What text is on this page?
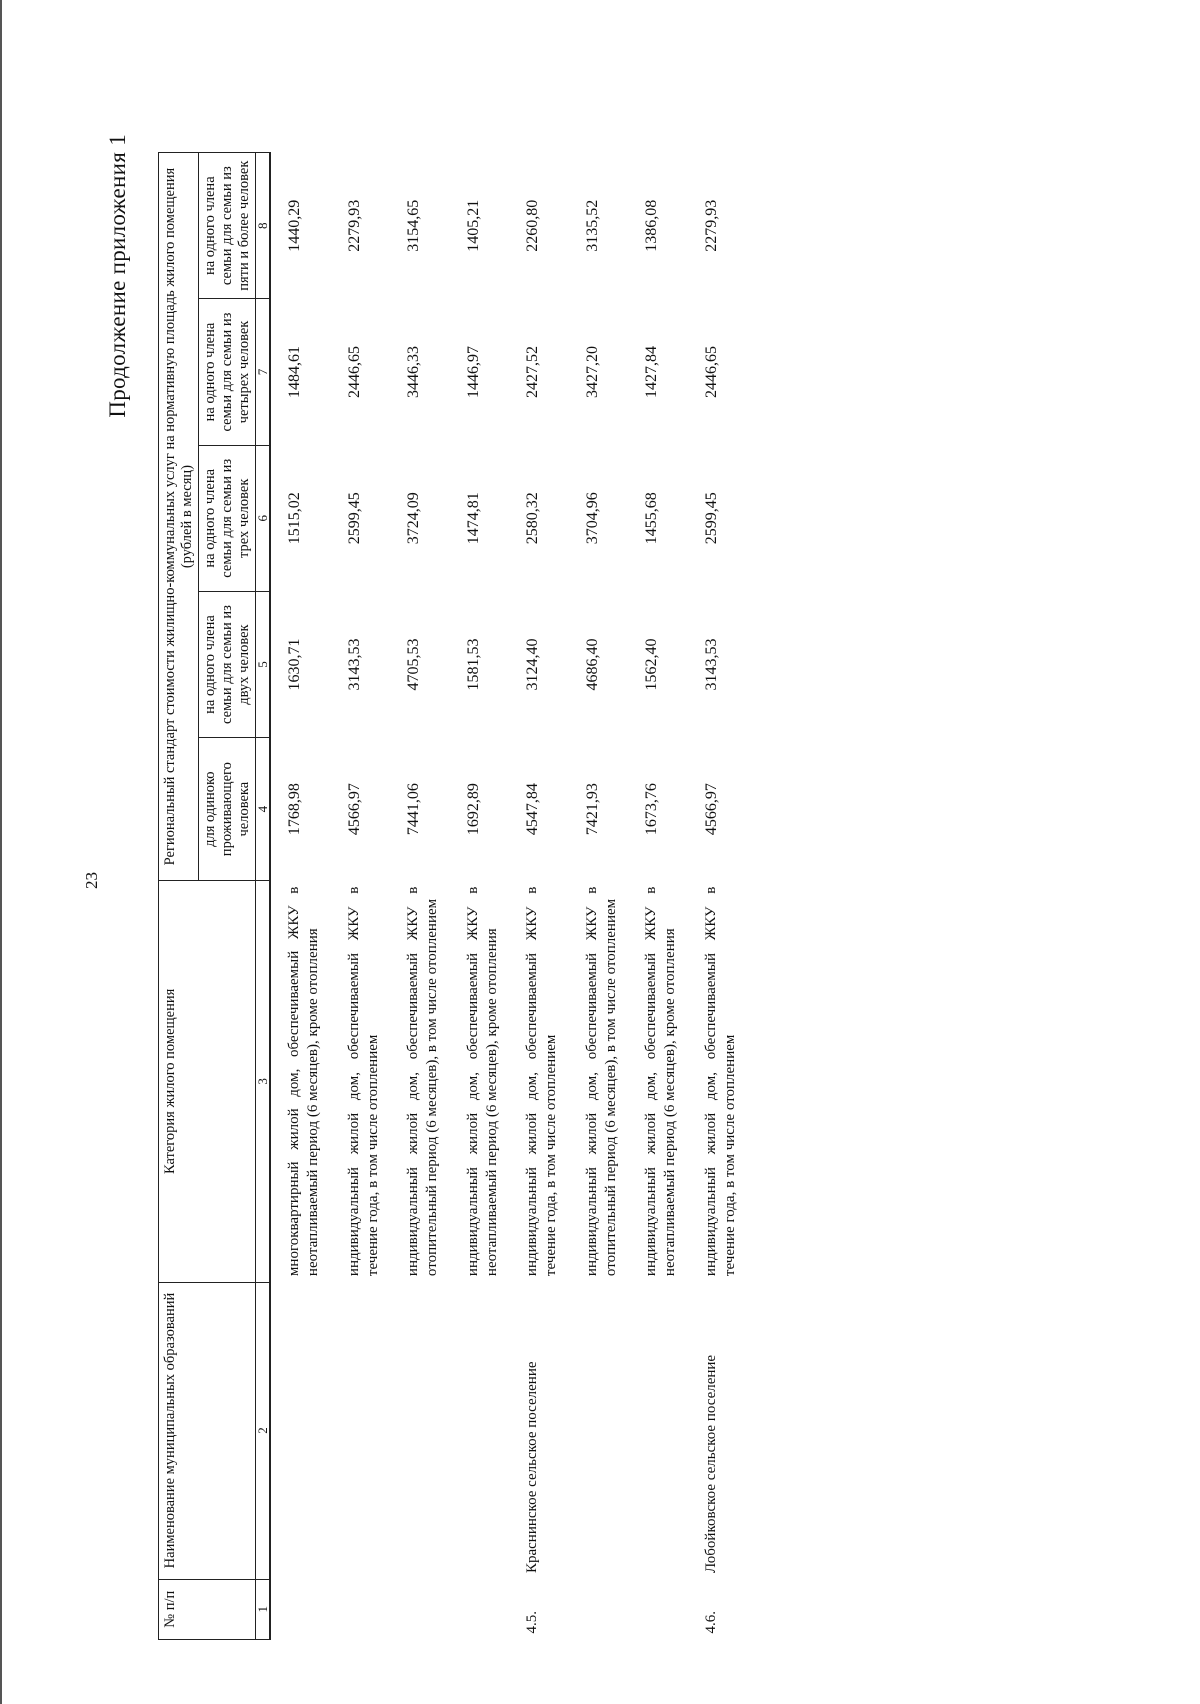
23
Продолжение приложения 1
№ п/п	Наименование муниципальных образований	Категория жилого помещения	Региональный стандарт стоимости жилищно-коммунальных услуг на нормативную площадь жилого помещения (рублей в месяц)				
			для одиноко проживающего человека	на одного члена семьи для семьи из двух человек	на одного члена семьи для семьи из трех человек	на одного члена семьи для семьи из четырех человек	на одного члена семьи для семьи из пяти и более человек
1	2	3	4	5	6	7	8
		многоквартирный жилой дом, обеспечиваемый ЖКУ в неотапливаемый период (6 месяцев), кроме отопления	1768,98	1630,71	1515,02	1484,61	1440,29
		индивидуальный жилой дом, обеспечиваемый ЖКУ в течение года, в том числе отоплением	4566,97	3143,53	2599,45	2446,65	2279,93
		индивидуальный жилой дом, обеспечиваемый ЖКУ в отопительный период (6 месяцев), в том числе отоплением	7441,06	4705,53	3724,09	3446,33	3154,65
		индивидуальный жилой дом, обеспечиваемый ЖКУ в неотапливаемый период (6 месяцев), кроме отопления	1692,89	1581,53	1474,81	1446,97	1405,21
4.5.	Краснинское сельское поселение	индивидуальный жилой дом, обеспечиваемый ЖКУ в течение года, в том числе отоплением	4547,84	3124,40	2580,32	2427,52	2260,80
		индивидуальный жилой дом, обеспечиваемый ЖКУ в отопительный период (6 месяцев), в том числе отоплением	7421,93	4686,40	3704,96	3427,20	3135,52
		индивидуальный жилой дом, обеспечиваемый ЖКУ в неотапливаемый период (6 месяцев), кроме отопления	1673,76	1562,40	1455,68	1427,84	1386,08
4.6.	Лобойковское сельское поселение	индивидуальный жилой дом, обеспечиваемый ЖКУ в течение года, в том числе отоплением	4566,97	3143,53	2599,45	2446,65	2279,93
